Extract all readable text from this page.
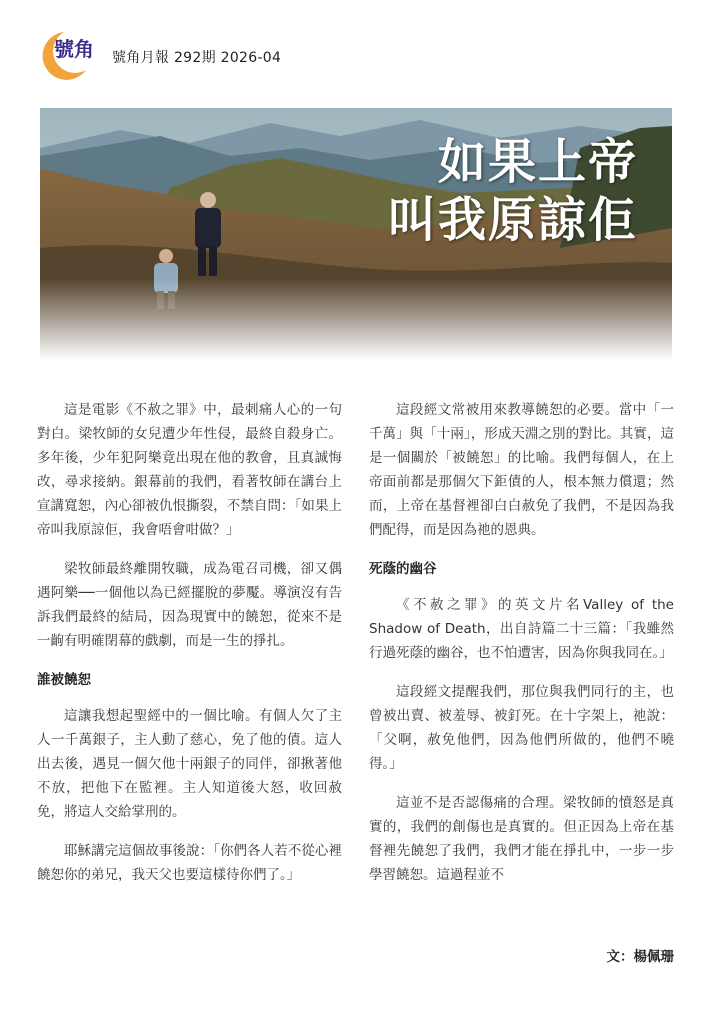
號角 號角月報 292期 2026-04
如果上帝
叫我原諒佢

這是電影《不赦之罪》中，最刺痛人心的一句對白。梁牧師的女兒遭少年性侵，最終自殺身亡。多年後，少年犯阿樂竟出現在他的教會，且真誠悔改，尋求接納。銀幕前的我們，看著牧師在講台上宣講寬恕，內心卻被仇恨撕裂，不禁自問：「如果上帝叫我原諒佢，我會唔會咁做？」

梁牧師最終離開牧職，成為電召司機，卻又偶遇阿樂──一個他以為已經擺脫的夢魘。導演沒有告訴我們最終的結局，因為現實中的饒恕，從來不是一齣有明確閉幕的戲劇，而是一生的掙扎。

誰被饒恕

這讓我想起聖經中的一個比喻。有個人欠了主人一千萬銀子，主人動了慈心，免了他的債。這人出去後，遇見一個欠他十兩銀子的同伴，卻揪著他不放，把他下在監裡。主人知道後大怒，收回赦免，將這人交給掌刑的。

耶穌講完這個故事後說：「你們各人若不從心裡饒恕你的弟兄，我天父也要這樣待你們了。」

這段經文常被用來教導饒恕的必要。當中「一千萬」與「十兩」，形成天淵之別的對比。其實，這是一個關於「被饒恕」的比喻。我們每個人，在上帝面前都是那個欠下鉅債的人，根本無力償還；然而，上帝在基督裡卻白白赦免了我們，不是因為我們配得，而是因為祂的恩典。

死蔭的幽谷

《不赦之罪》的英文片名Valley of the Shadow of Death，出自詩篇二十三篇：「我雖然行過死蔭的幽谷，也不怕遭害，因為你與我同在。」

這段經文提醒我們，那位與我們同行的主，也曾被出賣、被羞辱、被釘死。在十字架上，祂說：「父啊，赦免他們，因為他們所做的，他們不曉得。」

這並不是否認傷痛的合理。梁牧師的憤怒是真實的，我們的創傷也是真實的。但正因為上帝在基督裡先饒恕了我們，我們才能在掙扎中，一步一步學習饒恕。這過程並不

文：楊佩珊
